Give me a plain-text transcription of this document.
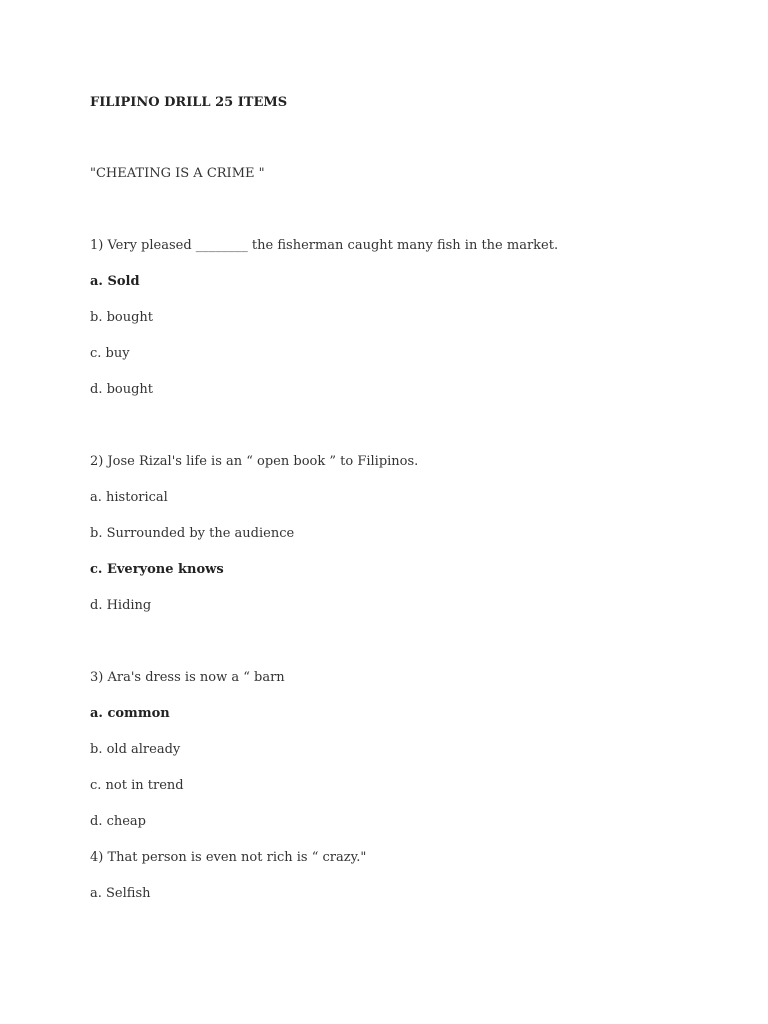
FILIPINO DRILL 25 ITEMS
"CHEATING IS A CRIME "
1) Very pleased ________ the fisherman caught many fish in the market.
a. Sold
b. bought
c. buy
d. bought
2) Jose Rizal's life is an “ open book ” to Filipinos.
a. historical
b. Surrounded by the audience
c. Everyone knows
d. Hiding
3) Ara's dress is now a “ barn
a. common
b. old already
c. not in trend
d. cheap
4) That person is even not rich is “ crazy."
a. Selfish
